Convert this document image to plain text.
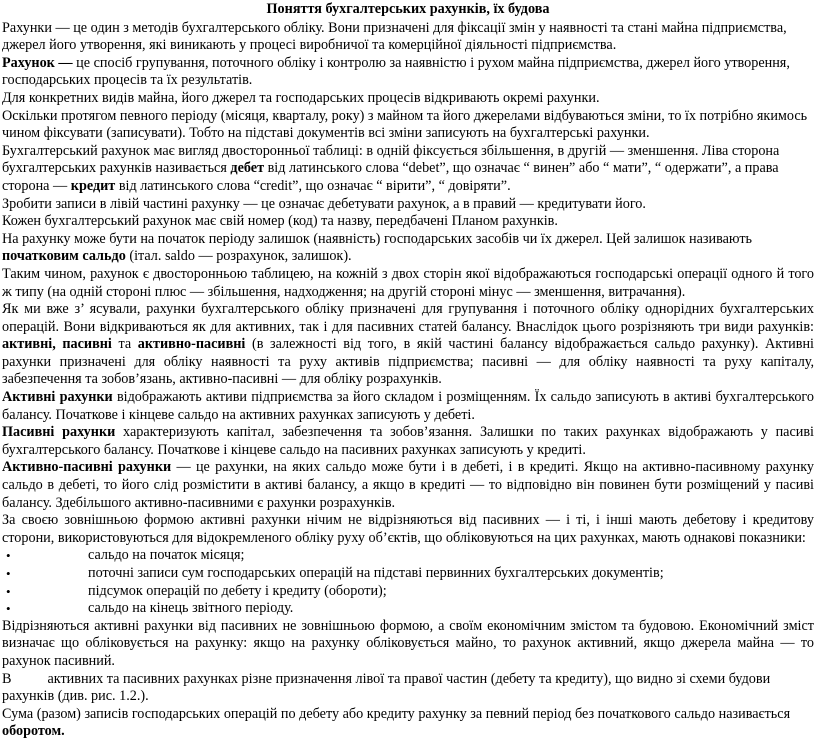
Поняття бухгалтерських рахунків, їх будова

Рахунки — це один з методів бухгалтерського обліку. Вони призначені для фіксації змін у наявності та стані майна підприємства, джерел його утворення, які виникають у процесі виробничої та комерційної діяльності підприємства.

Рахунок — це спосіб групування, поточного обліку і контролю за наявністю і рухом майна підприємства, джерел його утворення, господарських процесів та їх результатів.

Для конкретних видів майна, його джерел та господарських процесів відкривають окремі рахунки.

Оскільки протягом певного періоду (місяця, кварталу, року) з майном та його джерелами відбуваються зміни, то їх потрібно якимось чином фіксувати (записувати). Тобто на підставі документів всі зміни записують на бухгалтерські рахунки.

Бухгалтерський рахунок має вигляд двосторонньої таблиці: в одній фіксується збільшення, в другій — зменшення. Ліва сторона бухгалтерських рахунків називається дебет від латинського слова “debet”, що означає “ винен” або “ мати”, “ одержати”, а права сторона — кредит від латинського слова “credit”, що означає “ вірити”, “ довіряти”.

Зробити записи в лівій частині рахунку — це означає дебетувати рахунок, а в правий — кредитувати його.

Кожен бухгалтерський рахунок має свій номер (код) та назву, передбачені Планом рахунків.

На рахунку може бути на початок періоду залишок (наявність) господарських засобів чи їх джерел. Цей залишок називають початковим сальдо (італ. saldo — розрахунок, залишок).

Таким чином, рахунок є двосторонньою таблицею, на кожній з двох сторін якої відображаються господарські операції одного й того ж типу (на одній стороні плюс — збільшення, надходження; на другій стороні мінус — зменшення, витрачання).

Як ми вже з’ ясували, рахунки бухгалтерського обліку призначені для групування і поточного обліку однорідних бухгалтерських операцій. Вони відкриваються як для активних, так і для пасивних статей балансу. Внаслідок цього розрізняють три види рахунків: активні, пасивні та активно-пасивні (в залежності від того, в якій частині балансу відображається сальдо рахунку). Активні рахунки призначені для обліку наявності та руху активів підприємства; пасивні — для обліку наявності та руху капіталу, забезпечення та зобов’язань, активно-пасивні — для обліку розрахунків.

Активні рахунки відображають активи підприємства за його складом і розміщенням. Їх сальдо записують в активі бухгалтерського балансу. Початкове і кінцеве сальдо на активних рахунках записують у дебеті.

Пасивні рахунки характеризують капітал, забезпечення та зобов’язання. Залишки по таких рахунках відображають у пасиві бухгалтерського балансу. Початкове і кінцеве сальдо на пасивних рахунках записують у кредиті.

Активно-пасивні рахунки — це рахунки, на яких сальдо може бути і в дебеті, і в кредиті. Якщо на активно-пасивному рахунку сальдо в дебеті, то його слід розмістити в активі балансу, а якщо в кредиті — то відповідно він повинен бути розміщений у пасиві балансу. Здебільшого активно-пасивними є рахунки розрахунків.

За своєю зовнішньою формою активні рахунки нічим не відрізняються від пасивних — і ті, і інші мають дебетову і кредитову сторони, використовуються для відокремленого обліку руху об’єктів, що обліковуються на цих рахунках, мають однакові показники:

•	сальдо на початок місяця;
•	поточні записи сум господарських операцій на підставі первинних бухгалтерських документів;
•	підсумок операцій по дебету і кредиту (обороти);
•	сальдо на кінець звітного періоду.

Відрізняються активні рахунки від пасивних не зовнішньою формою, а своїм економічним змістом та будовою. Економічний зміст визначає що обліковується на рахунку: якщо на рахунку обліковується майно, то рахунок активний, якщо джерела майна — то рахунок пасивний.

В	активних та пасивних рахунках різне призначення лівої та правої частин (дебету та кредиту), що видно зі схеми будови рахунків (див. рис. 1.2.).

Сума (разом) записів господарських операцій по дебету або кредиту рахунку за певний період без початкового сальдо називається оборотом.
